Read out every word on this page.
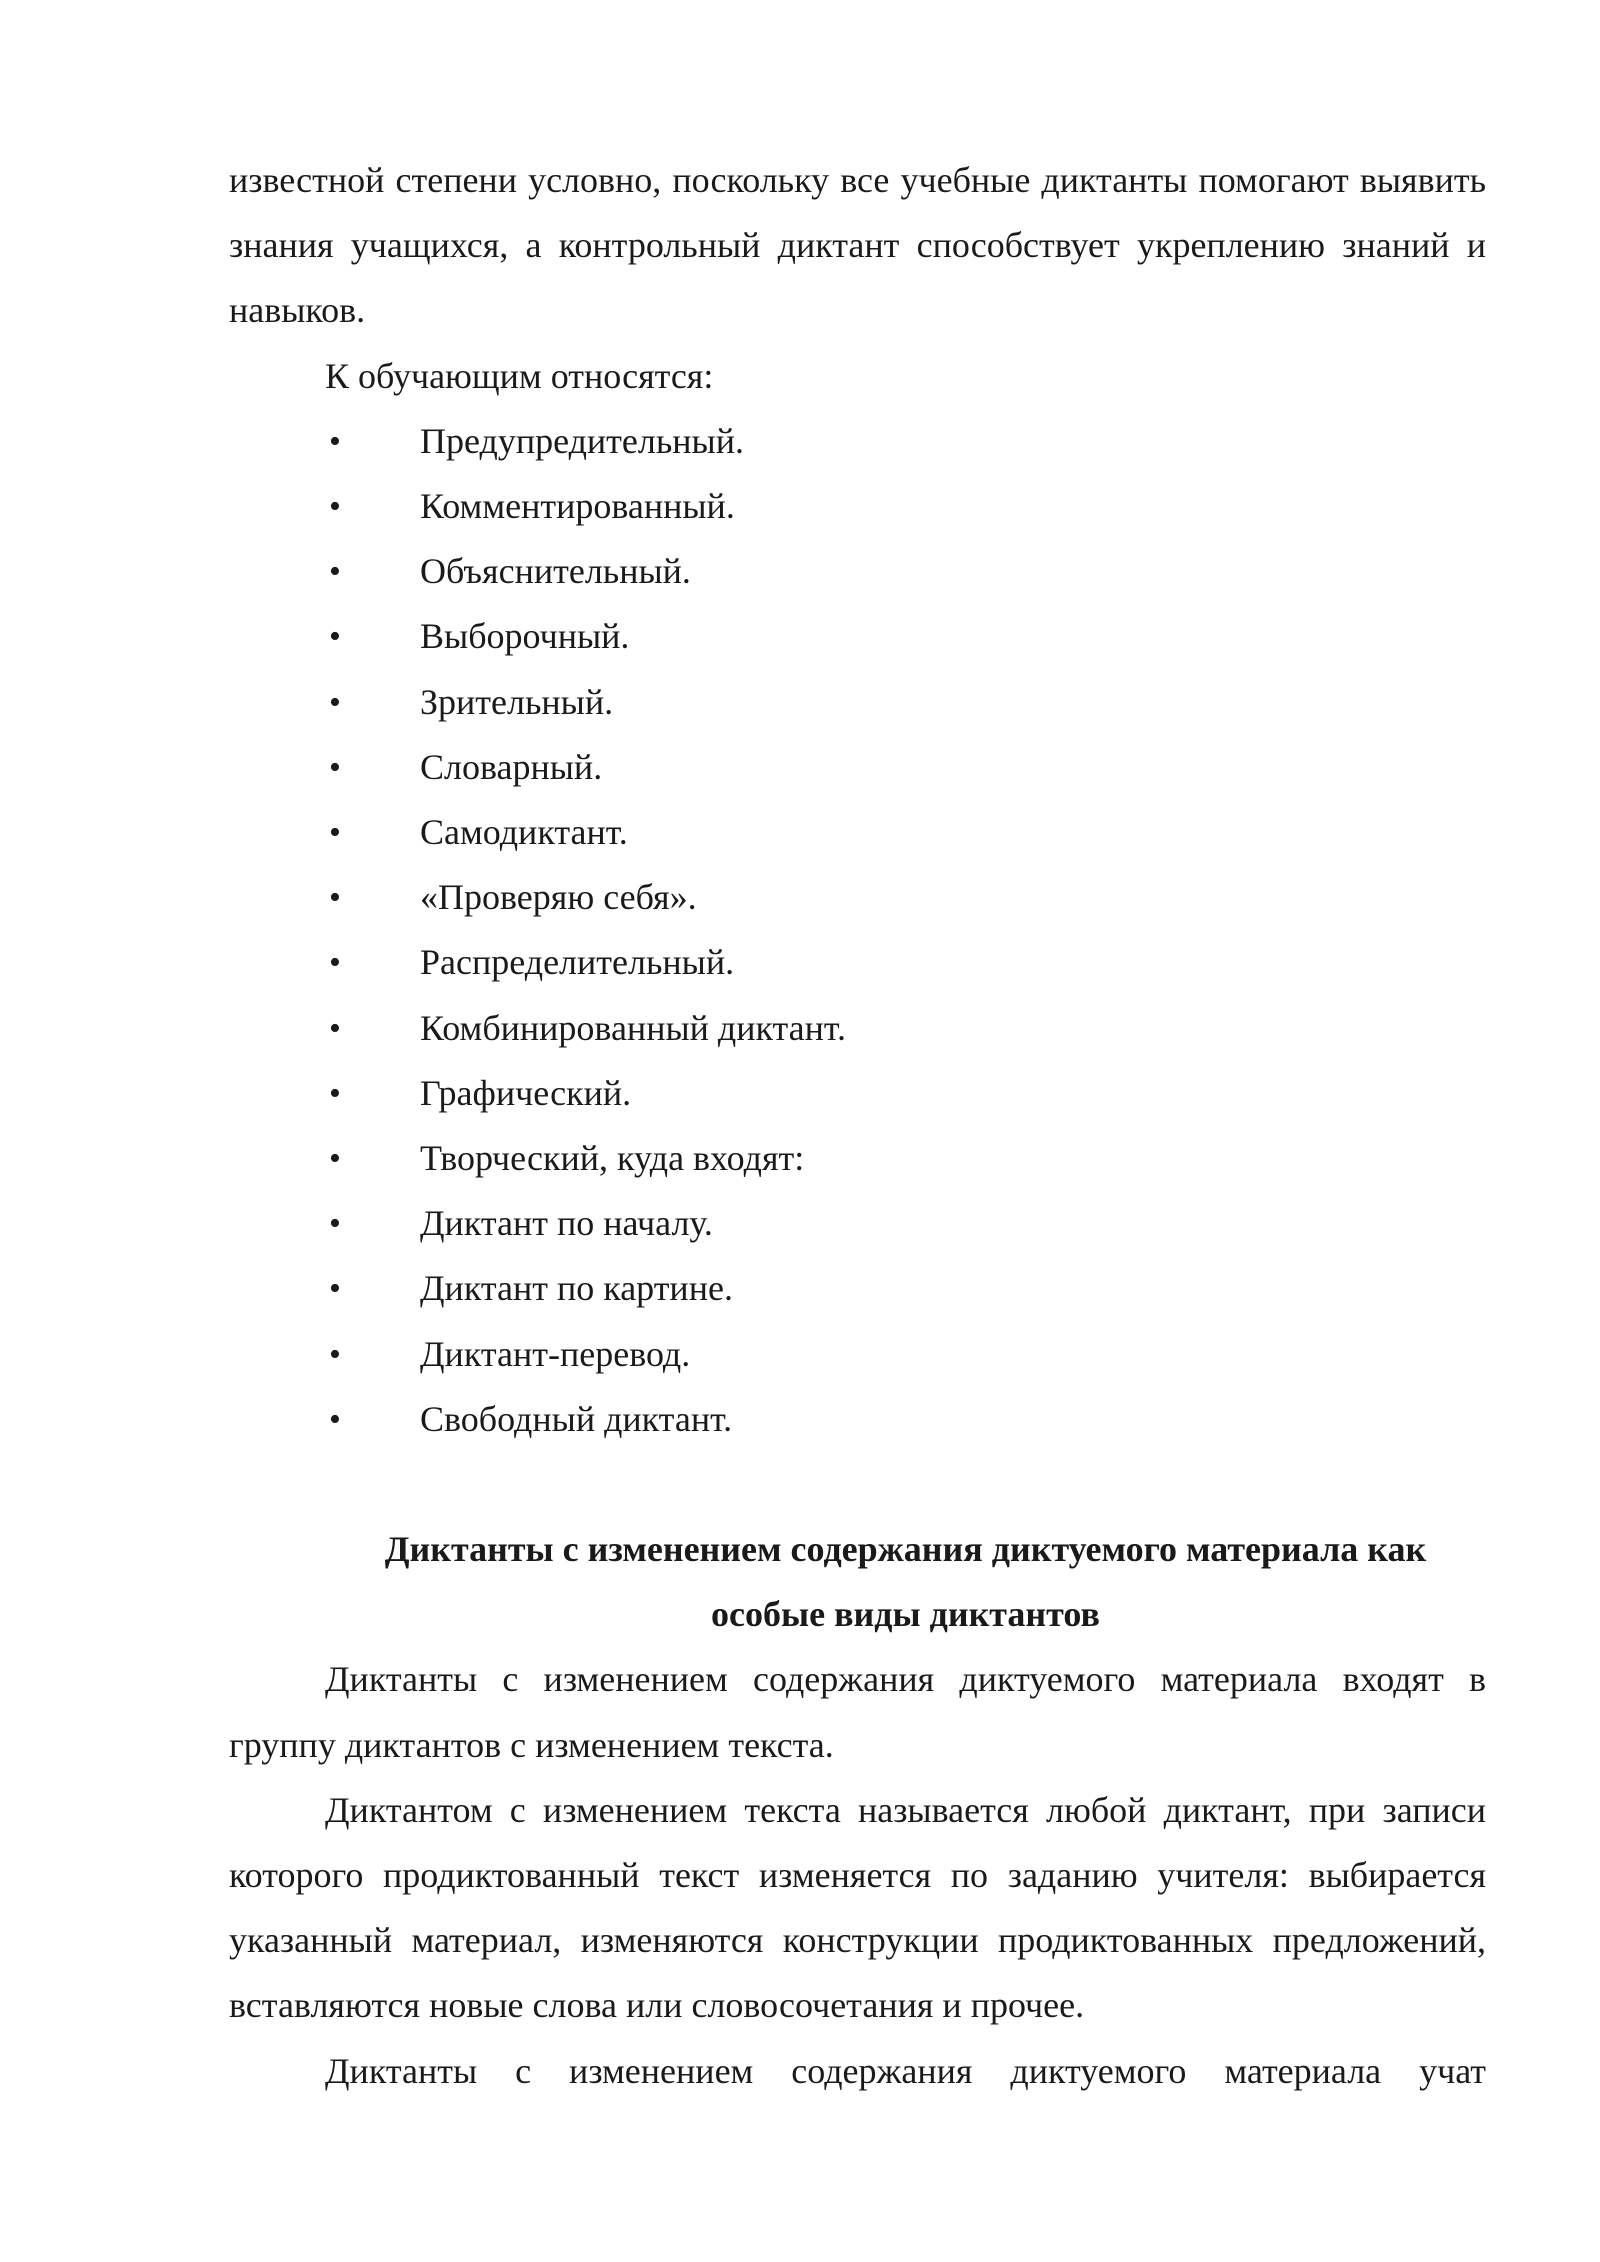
известной степени условно, поскольку все учебные диктанты помогают выявить знания учащихся, а контрольный диктант способствует укреплению знаний и навыков.

К обучающим относятся:

• Предупредительный.
• Комментированный.
• Объяснительный.
• Выборочный.
• Зрительный.
• Словарный.
• Самодиктант.
• «Проверяю себя».
• Распределительный.
• Комбинированный диктант.
• Графический.
• Творческий, куда входят:
• Диктант по началу.
• Диктант по картине.
• Диктант-перевод.
• Свободный диктант.
Диктанты с изменением содержания диктуемого материала как
особые виды диктантов

Диктанты с изменением содержания диктуемого материала входят в группу диктантов с изменением текста.

Диктантом с изменением текста называется любой диктант, при записи которого продиктованный текст изменяется по заданию учителя: выбирается указанный материал, изменяются конструкции продиктованных предложений, вставляются новые слова или словосочетания и прочее.

Диктанты с изменением содержания диктуемого материала учат
